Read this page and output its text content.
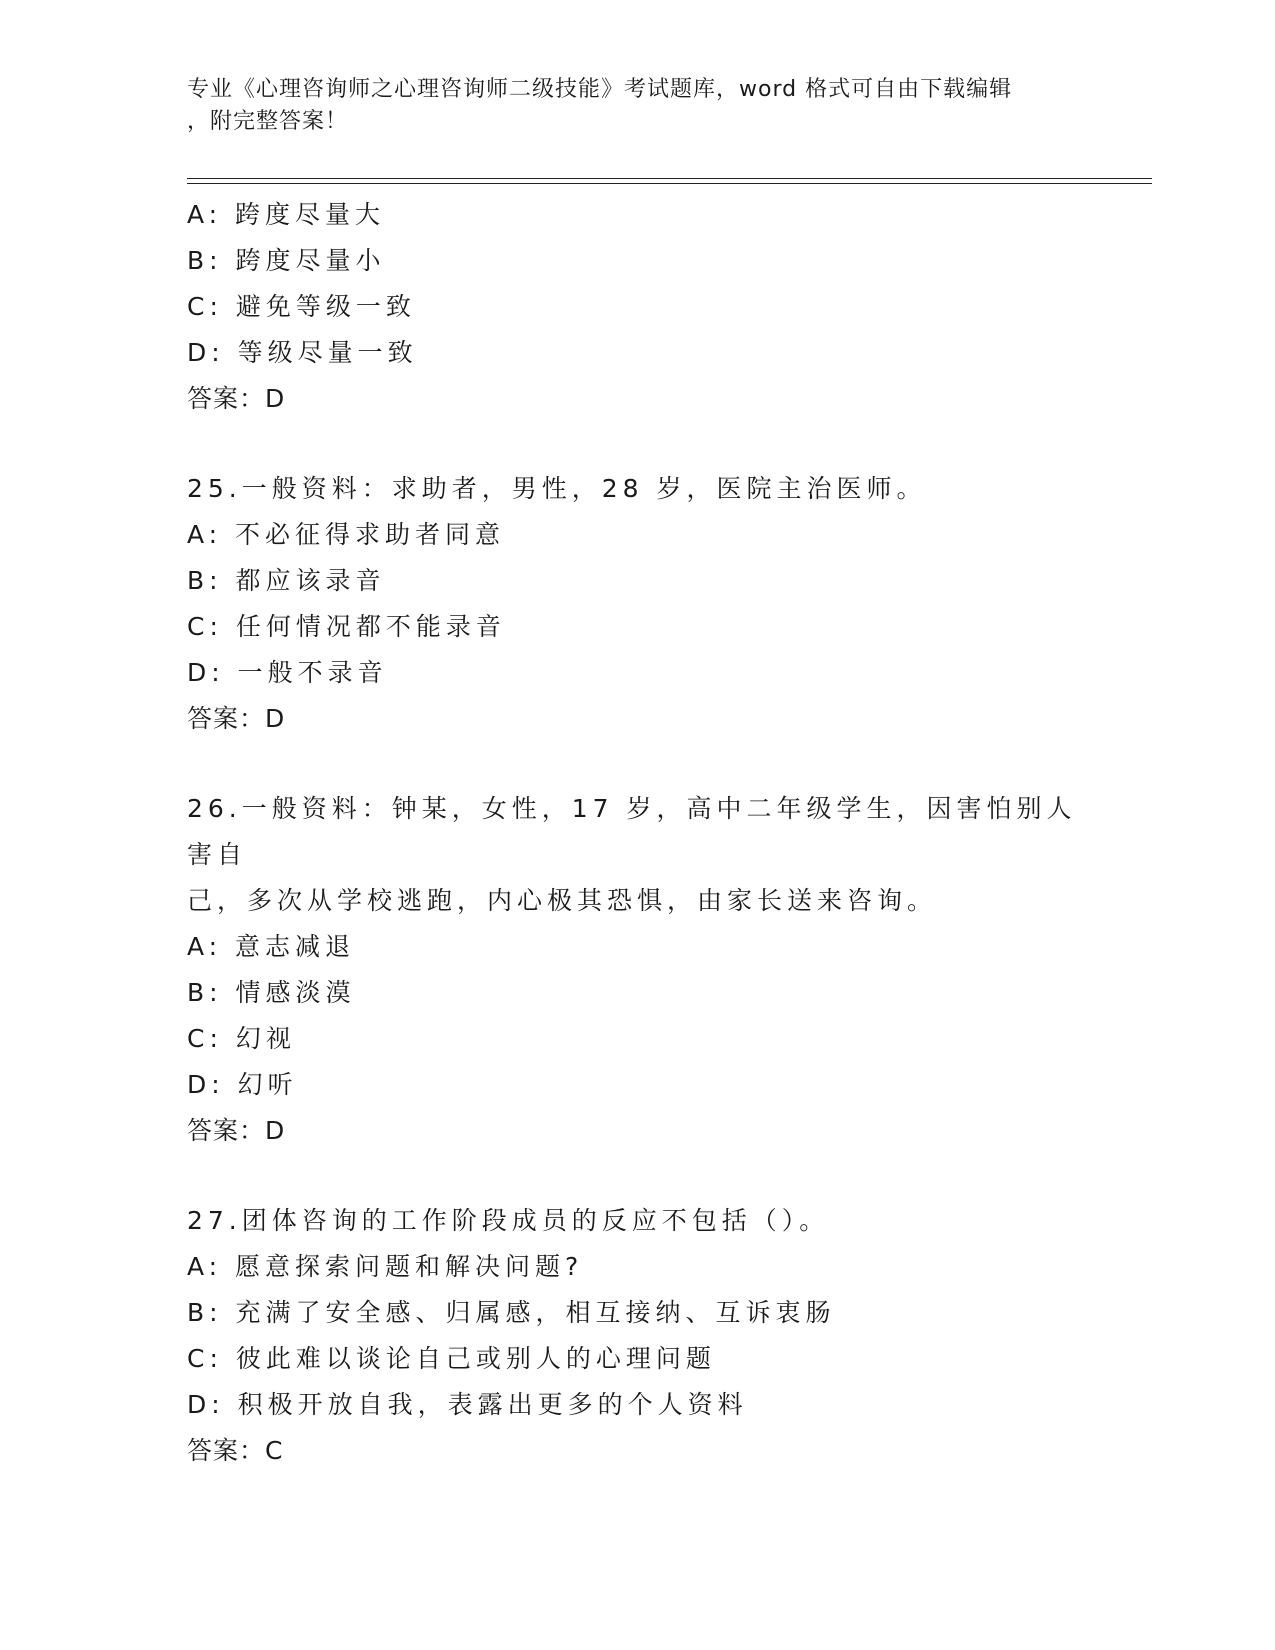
专业《心理咨询师之心理咨询师二级技能》考试题库，word 格式可自由下载编辑
，附完整答案！
A: 跨度尽量大
B: 跨度尽量小
C: 避免等级一致
D: 等级尽量一致
答案：D
25.一般资料：求助者，男性，28 岁，医院主治医师。
A: 不必征得求助者同意
B: 都应该录音
C: 任何情况都不能录音
D: 一般不录音
答案：D
26.一般资料：钟某，女性，17 岁，高中二年级学生，因害怕别人害自
己，多次从学校逃跑，内心极其恐惧，由家长送来咨询。
A: 意志减退
B: 情感淡漠
C: 幻视
D: 幻听
答案：D
27.团体咨询的工作阶段成员的反应不包括（）。
A: 愿意探索问题和解决问题?
B: 充满了安全感、归属感，相互接纳、互诉衷肠
C: 彼此难以谈论自己或别人的心理问题
D: 积极开放自我，表露出更多的个人资料
答案：C
